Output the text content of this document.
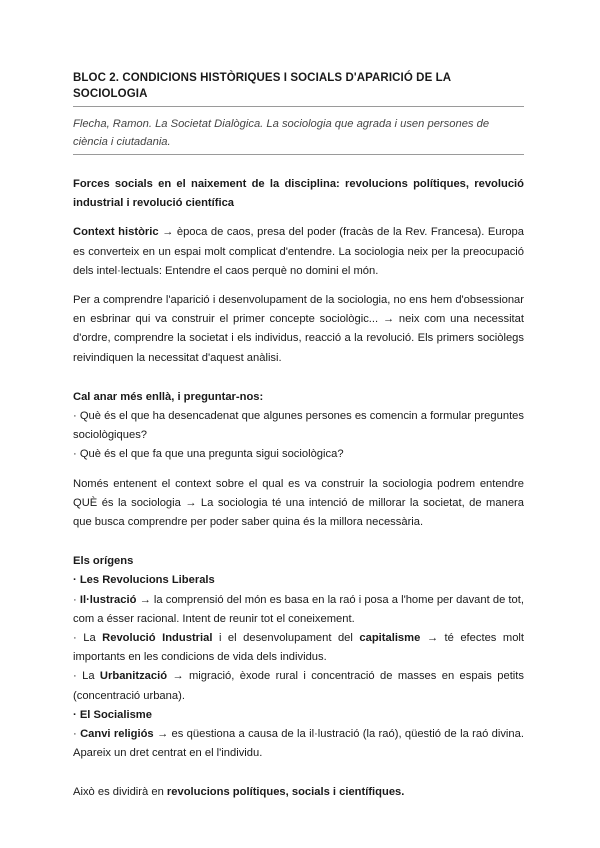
BLOC 2. CONDICIONS HISTÒRIQUES I SOCIALS D'APARICIÓ DE LA SOCIOLOGIA
Flecha, Ramon. La Societat Dialògica. La sociologia que agrada i usen persones de ciència i ciutadania.
Forces socials en el naixement de la disciplina: revolucions polítiques, revolució industrial i revolució científica

Context històric → època de caos, presa del poder (fracàs de la Rev. Francesa). Europa es converteix en un espai molt complicat d'entendre. La sociologia neix per la preocupació dels intel·lectuals: Entendre el caos perquè no domini el món.

Per a comprendre l'aparició i desenvolupament de la sociologia, no ens hem d'obsessionar en esbrinar qui va construir el primer concepte sociològic... → neix com una necessitat d'ordre, comprendre la societat i els individus, reacció a la revolució. Els primers sociòlegs reivindiquen la necessitat d'aquest anàlisi.

Cal anar més enllà, i preguntar-nos:

· Què és el que ha desencadenat que algunes persones es comencin a formular preguntes sociològiques?

· Què és el que fa que una pregunta sigui sociològica?

Només entenent el context sobre el qual es va construir la sociologia podrem entendre QUÈ és la sociologia → La sociologia té una intenció de millorar la societat, de manera que busca comprendre per poder saber quina és la millora necessària.

Els orígens

· Les Revolucions Liberals

· Il·lustració → la comprensió del món es basa en la raó i posa a l'home per davant de tot, com a ésser racional. Intent de reunir tot el coneixement.

· La Revolució Industrial i el desenvolupament del capitalisme → té efectes molt importants en les condicions de vida dels individus.

· La Urbanització → migració, èxode rural i concentració de masses en espais petits (concentració urbana).

· El Socialisme

· Canvi religiós → es qüestiona a causa de la il·lustració (la raó), qüestió de la raó divina. Apareix un dret centrat en el l'individu.

Això es dividirà en revolucions polítiques, socials i científiques.
